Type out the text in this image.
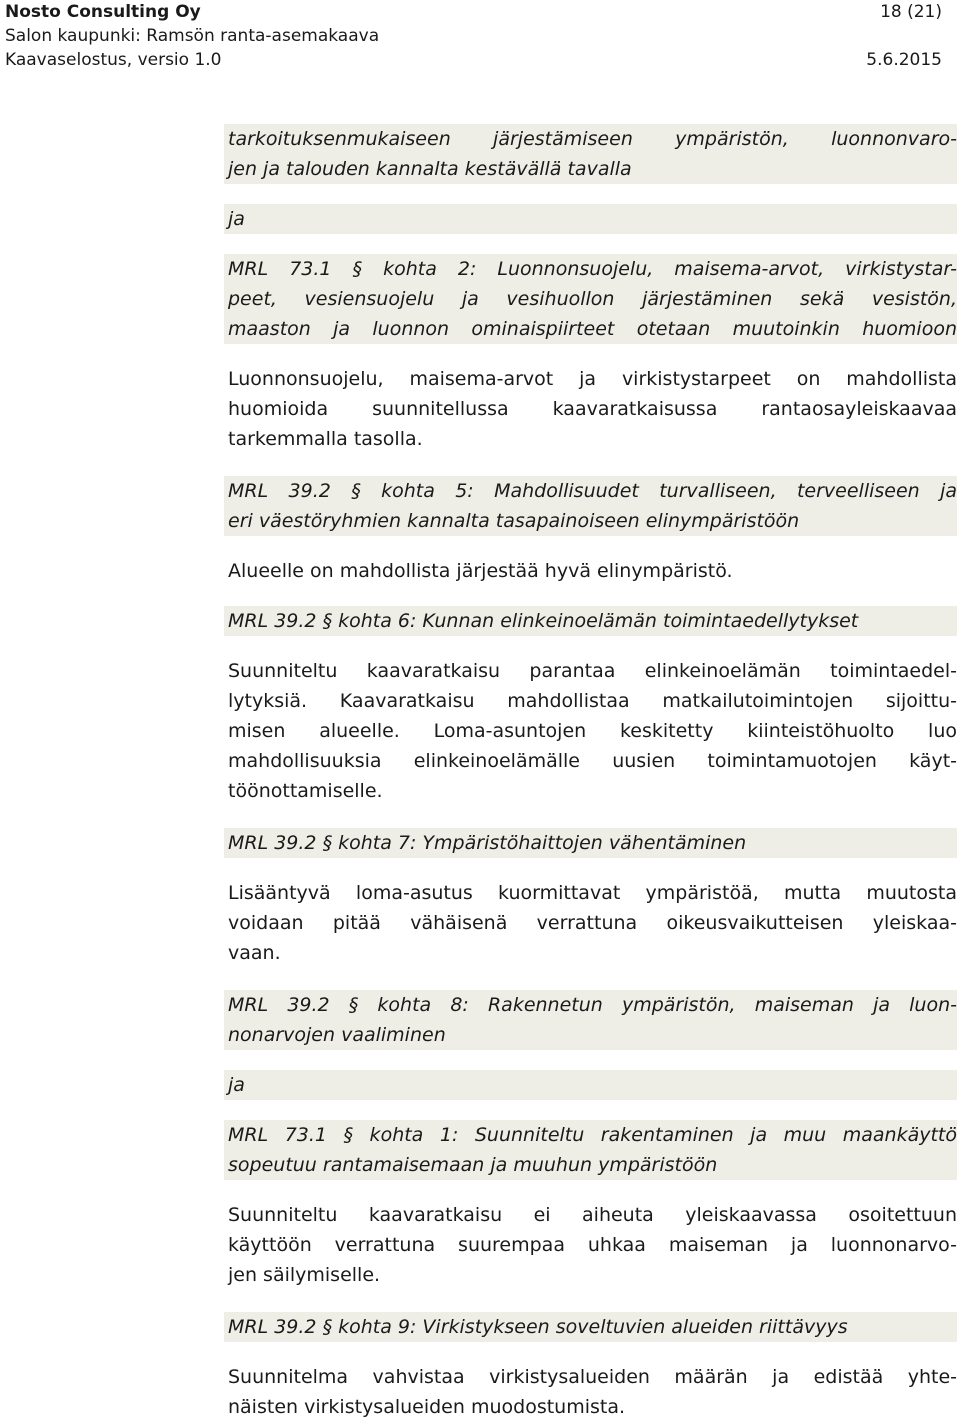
Nosto Consulting Oy
Salon kaupunki: Ramsön ranta-asemakaava
Kaavaselostus, versio 1.0
18 (21)
5.6.2015
tarkoituksenmukaiseen järjestämiseen ympäristön, luonnonvaro-
jen ja talouden kannalta kestävällä tavalla
ja
MRL 73.1 § kohta 2: Luonnonsuojelu, maisema-arvot, virkistystar-
peet, vesiensuojelu ja vesihuollon järjestäminen sekä vesistön,
maaston ja luonnon ominaispiirteet otetaan muutoinkin huomioon
Luonnonsuojelu, maisema-arvot ja virkistystarpeet on mahdollista
huomioida suunnitellussa kaavaratkaisussa rantaosayleiskaavaa
tarkemmalla tasolla.
MRL 39.2 § kohta 5: Mahdollisuudet turvalliseen, terveelliseen ja
eri väestöryhmien kannalta tasapainoiseen elinympäristöön
Alueelle on mahdollista järjestää hyvä elinympäristö.
MRL 39.2 § kohta 6: Kunnan elinkeinoelämän toimintaedellytykset
Suunniteltu kaavaratkaisu parantaa elinkeinoelämän toimintaedel-
lytyksiä. Kaavaratkaisu mahdollistaa matkailutoimintojen sijoittu-
misen alueelle. Loma-asuntojen keskitetty kiinteistöhuolto luo
mahdollisuuksia elinkeinoelämälle uusien toimintamuotojen käyt-
töönottamiselle.
MRL 39.2 § kohta 7: Ympäristöhaittojen vähentäminen
Lisääntyvä loma-asutus kuormittavat ympäristöä, mutta muutosta
voidaan pitää vähäisenä verrattuna oikeusvaikutteisen yleiskaa-
vaan.
MRL 39.2 § kohta 8: Rakennetun ympäristön, maiseman ja luon-
nonarvojen vaaliminen
ja
MRL 73.1 § kohta 1: Suunniteltu rakentaminen ja muu maankäyttö
sopeutuu rantamaisemaan ja muuhun ympäristöön
Suunniteltu kaavaratkaisu ei aiheuta yleiskaavassa osoitettuun
käyttöön verrattuna suurempaa uhkaa maiseman ja luonnonarvo-
jen säilymiselle.
MRL 39.2 § kohta 9: Virkistykseen soveltuvien alueiden riittävyys
Suunnitelma vahvistaa virkistysalueiden määrän ja edistää yhte-
näisten virkistysalueiden muodostumista.
